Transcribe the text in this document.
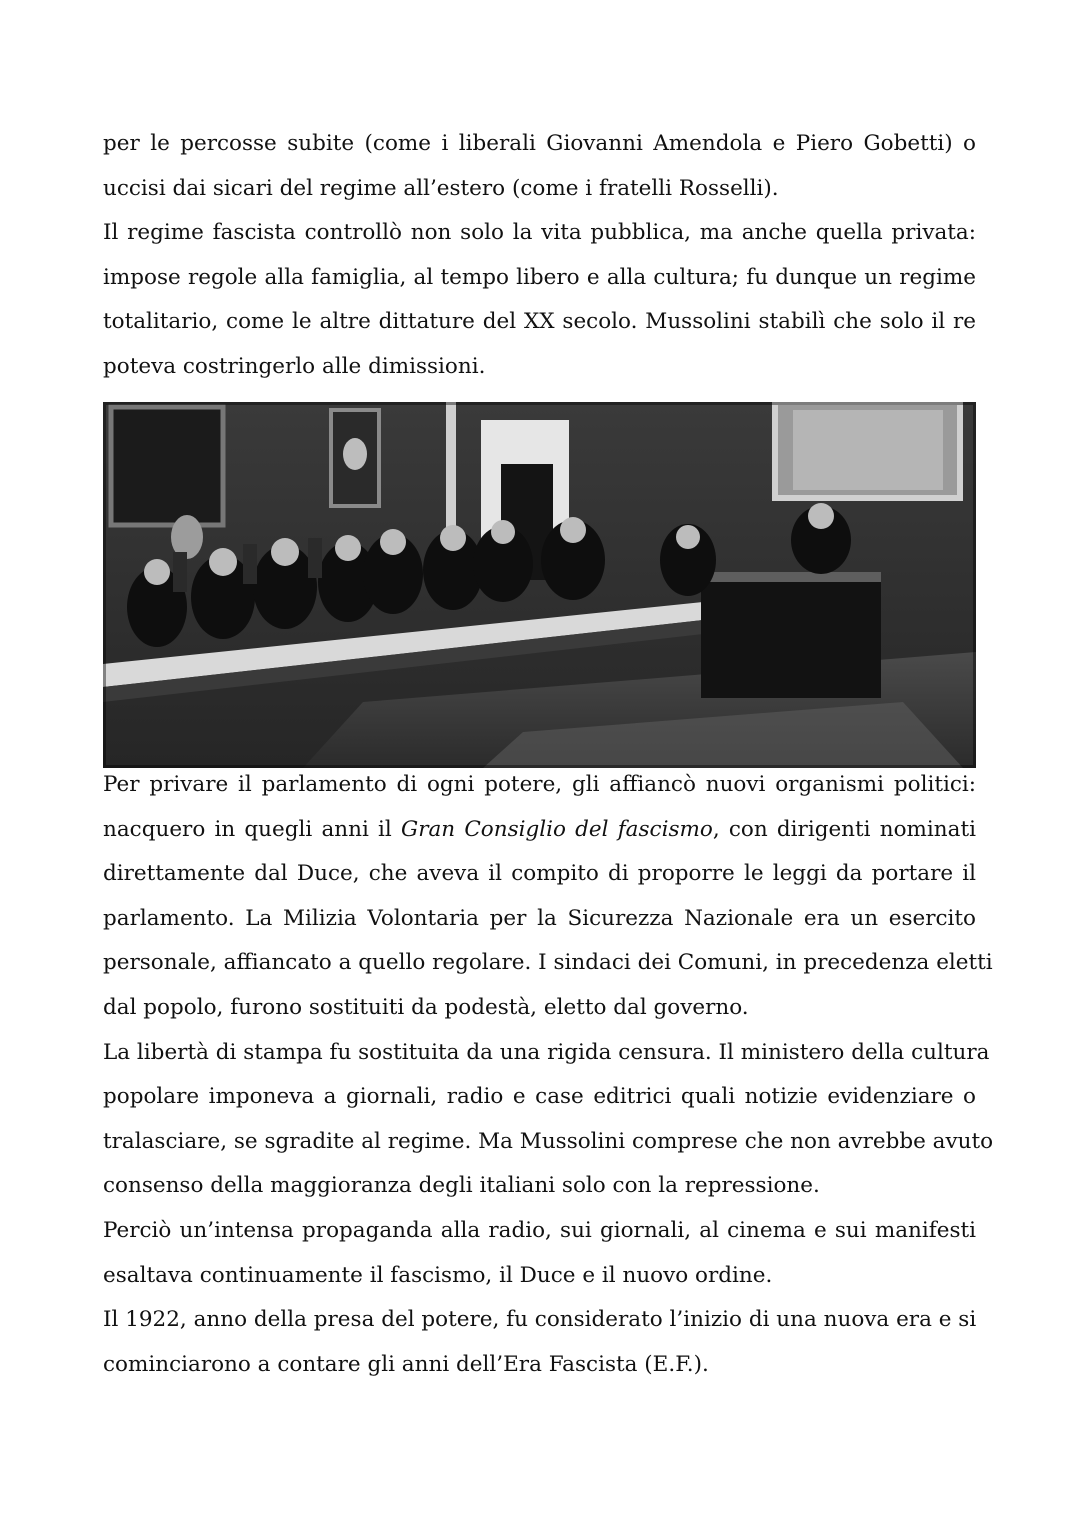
per le percosse subite (come i liberali Giovanni Amendola e Piero Gobetti) o
uccisi dai sicari del regime all’estero (come i fratelli Rosselli).
Il regime fascista controllò non solo la vita pubblica, ma anche quella privata:
impose regole alla famiglia, al tempo libero e alla cultura; fu dunque un regime
totalitario, come le altre dittature del XX secolo. Mussolini stabilì che solo il re
poteva costringerlo alle dimissioni.
Per privare il parlamento di ogni potere, gli affiancò nuovi organismi politici:
nacquero in quegli anni il Gran Consiglio del fascismo, con dirigenti nominati
direttamente dal Duce, che aveva il compito di proporre le leggi da portare il
parlamento. La Milizia Volontaria per la Sicurezza Nazionale era un esercito
personale, affiancato a quello regolare. I sindaci dei Comuni, in precedenza eletti
dal popolo, furono sostituiti da podestà, eletto dal governo.
La libertà di stampa fu sostituita da una rigida censura. Il ministero della cultura
popolare imponeva a giornali, radio e case editrici quali notizie evidenziare o
tralasciare, se sgradite al regime. Ma Mussolini comprese che non avrebbe avuto
consenso della maggioranza degli italiani solo con la repressione.
Perciò un’intensa propaganda alla radio, sui giornali, al cinema e sui manifesti
esaltava continuamente il fascismo, il Duce e il nuovo ordine.
Il 1922, anno della presa del potere, fu considerato l’inizio di una nuova era e si
cominciarono a contare gli anni dell’Era Fascista (E.F.).
